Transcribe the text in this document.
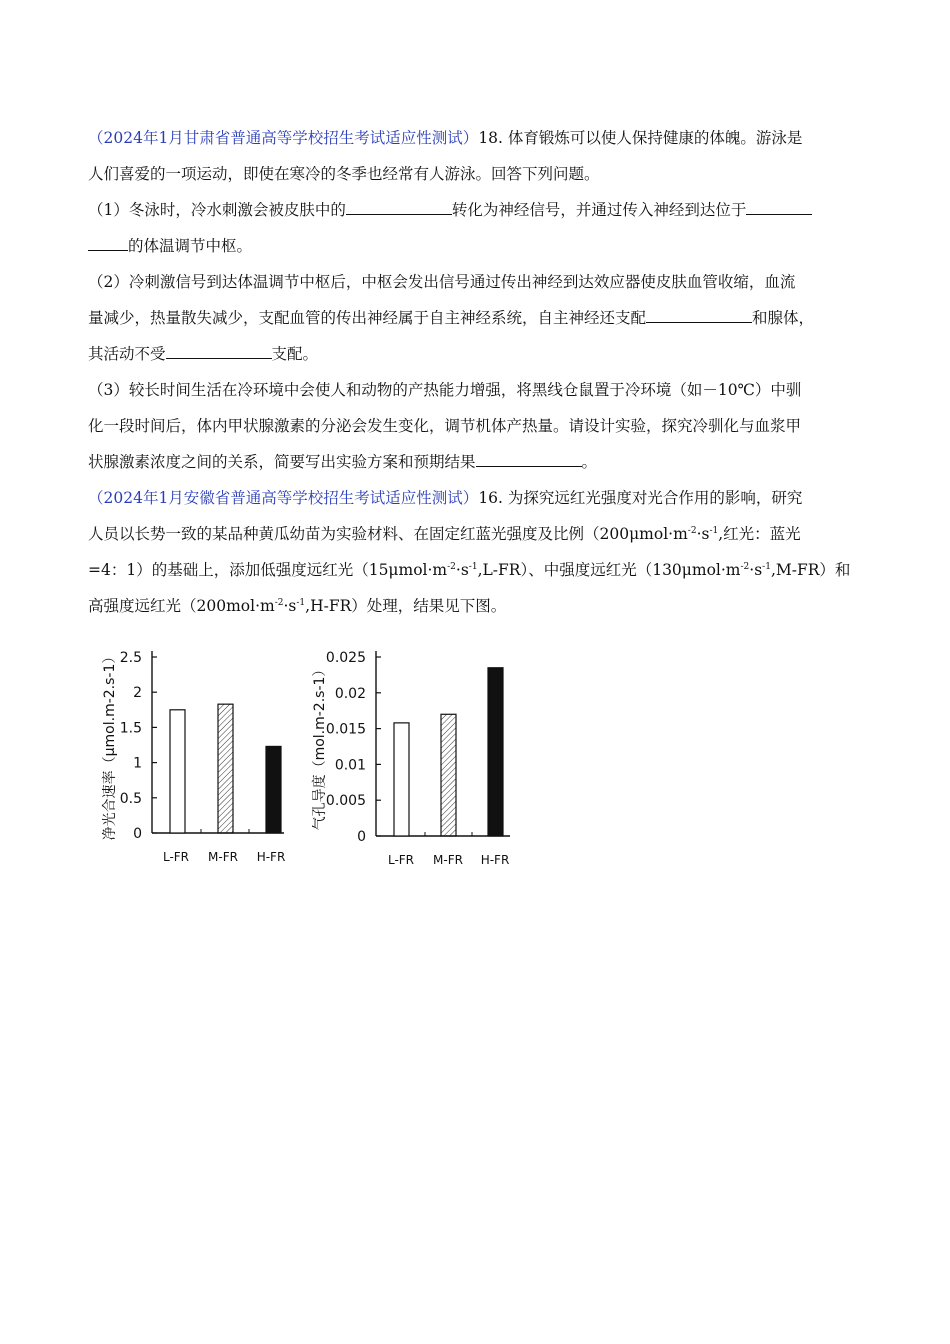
（2024年1月甘肃省普通高等学校招生考试适应性测试）18. 体育锻炼可以使人保持健康的体魄。游泳是
人们喜爱的一项运动，即使在寒冷的冬季也经常有人游泳。回答下列问题。

（1）冬泳时，冷水刺激会被皮肤中的	转化为神经信号，并通过传入神经到达位于
的体温调节中枢。

（2）冷刺激信号到达体温调节中枢后，中枢会发出信号通过传出神经到达效应器使皮肤血管收缩，血流
量减少，热量散失减少，支配血管的传出神经属于自主神经系统，自主神经还支配	和腺体，
其活动不受	支配。

（3）较长时间生活在冷环境中会使人和动物的产热能力增强，将黑线仓鼠置于冷环境（如－10℃）中驯
化一段时间后，体内甲状腺激素的分泌会发生变化，调节机体产热量。请设计实验，探究冷驯化与血浆甲
状腺激素浓度之间的关系，简要写出实验方案和预期结果	。

（2024年1月安徽省普通高等学校招生考试适应性测试）16. 为探究远红光强度对光合作用的影响，研究
人员以长势一致的某品种黄瓜幼苗为实验材料、在固定红蓝光强度及比例（$200\mu mol\cdot m^{-2}\cdot s^{-1}$,红光：蓝光
=4：1）的基础上，添加低强度远红光$(15\mu mol\cdot m^{-2}\cdot s^{-1},L-FR)$、中强度远红光$(130\mu mol\cdot m^{-2}\cdot s^{-1},M-FR)$和
高强度远红光$(200mol\cdot m^{-2}\cdot s^{-1},H-FR)$处理，结果见下图。

0
0.5
1
1.5
2
2.5
L-FR M-FR H-FR
净光合速率（μmol.m-2.s-1）	0
0.005
0.01
0.015
0.02
0.025
L-FR M-FR H-FR
气孔导度（mol.m-2.s-1）
